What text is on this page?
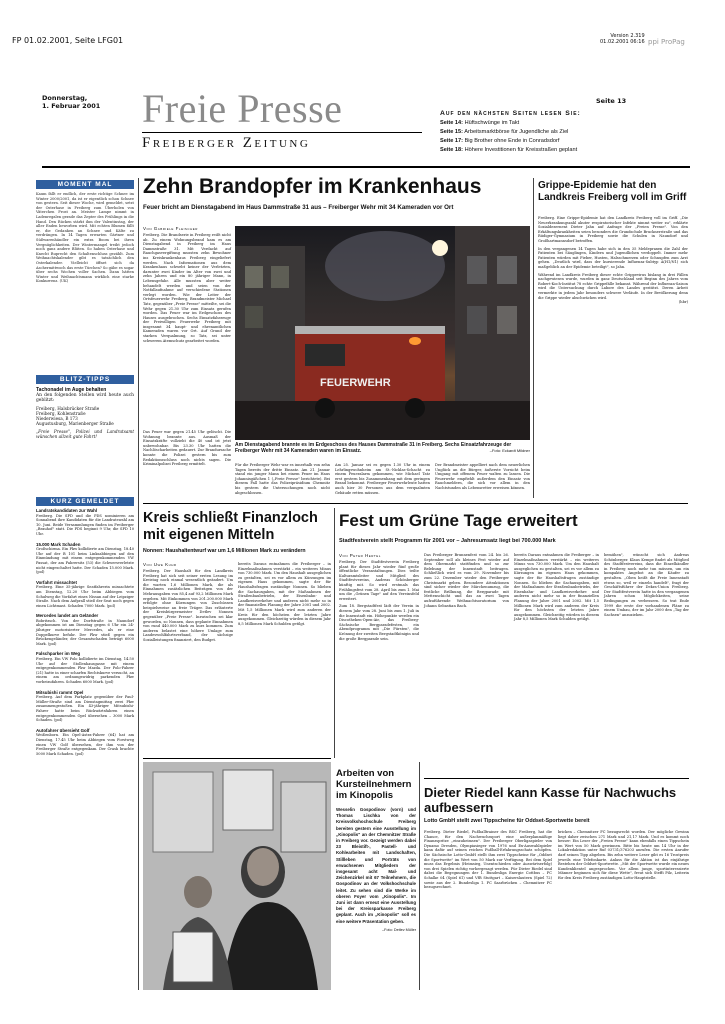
FP 01.02.2001, Seite LFG01	Version 2.319
01.02.2001 06:16 ppi ProPag
Donnerstag,
1. Februar 2001 Freie Presse
Freiberger Zeitung
Seite 13
Auf den nächsten Seiten lesen Sie:
Seite 14: Hüftschwünge im Takt
Seite 15: Arbeitsmarktbörse für Jugendliche als Ziel
Seite 17: Big Brother ohne Ende in Conradsdorf
Seite 18: Höhere Investitionen für Kreisstraßen geplant
MOMENT MAL
Kaum fällt er endlich, der erste richtige Schnee im Winter 2000/2001, da ist er eigentlich schon Schnee von gestern. Seit dieser Woche, wird gemeldet, setzt der Osterhase in Freiberg zum Überholen von Väterchen Frost an. Meister Lampe nimmt in Ladenregalen gerade das Zepter des Frühlings in die Hand. Den Rücken stärkt ihm der Valentinstag, der aller Enden beworben wird. Mit echten Blumen fällt er, die Gedanken an Schnee und Kälte zu verdrängen. In 14 Tagen erwarten Gärtner und Süßwarenhändler ein extra Boom bei ihren Vergnüglichkeiten. Der Wintermangel treibt jedoch noch ganz andere Blüten. So haben Osterhase und Knecht Ruprecht den Schaltenschluss gezählt. Zum Weihnachtskalender gibt es tatsächlich den Osterkalender. Vielleicht öffnet sich da Aschermittwoch das erste Türchen? So gäbe es sogar über sechs Wochen voller Sachen. Dann hätten Winter und Weihnachtsmann wirklich eine starke Konkurrenz. (UK)
BLITZ-TIPPS
Tachonadel im Auge behalten
An den folgenden Stellen wird heute auch geblitzt:
Freiberg, Halsbrücker Straße
Freiberg, Kohlenstraße
Niederwiesa, B 173
Augustusburg, Marienberger Straße
„Freie Presse", Polizei und Landratsamt wünschen allzeit gute Fahrt!
KURZ GEMELDET

Landratskandidaten zur Wahl

Freiberg. Die SPD und die PDS nominieren am Sonnabend ihre Kandidaten für die Landratswahl am 10. Juni. Beide Versammlungen finden im Freiberger „Brauhof" statt. Die PDS beginnt 9 Uhr, die SPD 10 Uhr.

15.000 Mark Schaden

Großschirma. Ein Pkw kollidierte am Dienstag, 18.40 Uhr auf der B 101 beim Linksabbiegen auf den Einmündung mit einem entgegenkommenden VW Passat, der am Fahrersitz (53) die Schwersverletzte nicht eingeschaltet hatte. Der Schaden 15.000 Mark. (pol)

Vorfahrt missachtet

Freiberg. Eine 35-jährige Seatfahrerin missachtete am Dienstag, 12.20 Uhr beim Abbiegen vom Schulweg die Vorfahrt eines Nissan auf der Leipziger Straße. Nach dem Aufprall stieß der Seat noch gegen einen Lichtmast. Schaden 7000 Mark. (pol)

Mercedes landet am Geländer

Bobritzsch. Von der Dorfstraße in Naundorf abgekommen ist am Dienstag gegen 6 Uhr ein 24-jähriger motorisierter Mercedes, als er eine Doppelkurve befuhr. Der Pkw stieß gegen ein Brückengeländer, der Gesamtschaden beträgt 6000 Mark. (pol)

Falschparker im Weg

Freiberg. Ein VW Polo kollidierte im Dienstag, 14.50 Uhr auf der Stollenhausgasse mit einem entgegenkommenden Pkw Mazda. Der Polo-Fahrer (21) hatte in einer scharfen Rechtskurve versucht, an einem am ordnungswidrig parkenden Pkw vorbeizufahren. Schaden 6000 Mark. (pol)

Mitsubishi rammt Opel

Freiberg. Auf dem Parkplatz gegenüber der Paul-Müller-Straße sind am Dienstagmittag zwei Pkw zusammengestoßen. Ein 43-jähriger Mitsubishi-Fahrer hatte beim Rückwärtsfahren einen entgegenkommenden Opel übersehen – 3000 Mark Schaden. (pol)

Autofahrer übersieht Golf

Weißenborn. Ein Opel-Astra-Fahrer (64) hat am Dienstag, 17.45 Uhr beim Abbiegen vom Forstweg einen VW Golf übersehen, der ihm von der Freiberger Straße entgegenkam. Der Crash brachte 5000 Mark Schaden. (pol)

Zehn Brandopfer im Krankenhaus
Feuer bricht am Dienstagabend im Haus Dammstraße 31 aus – Freiberger Wehr mit 34 Kameraden vor Ort
Von Gabriele Fleischer
Freiberg. Die Brandserie in Freiberg reißt nicht ab. Zu einem Wohnungsbrand kam es am Dienstagabend in Freiberg im Haus Dammstraße 31. Mit Verdacht auf Rauchgasvergiftung mussten zehn Bewohner ins Kreiskrankenhaus Freiberg eingeliefert werden. Nach Informationen aus dem Krankenhaus schwebt keiner der Verletzten, darunter zwei Kinder im Alter von zwei und zehn Jahren und ein 80 jähriger Mann, in Lebensgefahr. Alle mussten aber weiter behandelt werden und seien von der Notfallaufnahme auf verschiedene Stationen verlegt worden. Wie der Leiter der Ortsfeuerwehr Freiberg, Brandmeister Michael Tatz, gegenüber „Freie Presse" mitteilte, sei die Wehr gegen 21.30 Uhr zum Einsatz gerufen worden. Das Feuer war im Erdgeschoss des Hauses ausgebrochen. Sechs Einsatzfahrzeuge der Freiwilligen Feuerwehr Freiberg mit insgesamt 34 haupt- und ehrenamtlichen Kameraden waren vor Ort. Auf Grund der starken Verqualmung, so Tatz, sei unter schwerem Atemschutz gearbeitet worden.
Das Feuer war gegen 21.45 Uhr gelöscht. Die Wohnung brannte aus. Ausmaß der Einsatzkräfte vollzieht die 40 und ist jetzt unbewohnbar. Bis 23.30 Uhr hatten die Nachlöscharbeiten gedauert. Zur Brandursache konnte die Polizei gestern bis zum Redaktionsschluss noch nichts sagen. Die Kriminalpolizei Freiberg ermittelt.
FEUERWEHR
Am Dienstagabend brannte es im Erdgeschoss des Hauses Dammstraße 31 in Freiberg. Sechs Einsatzfahrzeuge der Freiberger Wehr mit 34 Kameraden waren im Einsatz.	–Foto: Eckardt Mildner
Für die Freiberger Wehr war es innerhalb von zehn Tagen bereits der dritte Einsatz. Am 21. Januar stand ein junger Mann bei einem Feuer im Haus Johannisgäßchen 1 („Freie Presse" berichtete). Bei diesem Fall hatte das Polizeipräsidium Chemnitz bis gestern die Untersuchungen noch nicht abgeschlossen.
Am 25. Januar sei es gegen 1.30 Uhr in einem Lehrlingswohnheim am St.-Nicklas-Schacht zu einem Feueralarm gekommen, wie Michael Tatz erst gestern bis Zusammenhang mit dem geringen Brand bekommt. Freiberger Feuerwehrleute hatten auch hier 30 Personen aus dem verqualmten Gebäude retten müssen.
Der Brandmeister appelliert nach dem neuerlichen Unglück an die Bürger, äußerste Vorsicht beim Umgang mit offenem Feuer walten zu lassen. Die Feuerwehr empfiehlt außerdem den Einsatz von Rauchmeldern, die sich vor allem in den Nachtstunden als Lebensretter erweisen können.
Grippe-Epidemie hat den Landkreis Freiberg voll im Griff
Freiberg. Eine Grippe-Epidemie hat den Landkreis Freiberg voll im Griff. „Die Neuerkrankungszahl akuter respiratorischer Infekte nimmt weiter zu", erklärte Sozialdezernent Dieter Jahn auf Anfrage der „Freien Presse". Von den Erkältungskrankheiten seien besonders die Grundschule Brucknerstraße und das Rüdiger-Gymnasium in Freiberg sowie die Schulen in Naundorf und Großhartmannsdorf betroffen.
In den vergangenen 14 Tagen habe sich in den 35 Meldepraxen die Zahl der Patienten bei Säuglingen, Kindern und Jugendlichen verdoppelt. Immer mehr Patienten würden mit Fieber, Husten, Halsschmerzen oder Schnupfen zum Arzt gehen. „Deutlich wird, dass der kursierende Influenza-Subtyp A(H1/N1) sich maßgeblich an der Epidemie beteiligt", so Jahn.
Während im Landkreis Freiberg dieser echte Grippevirus bislang in drei Fällen nachgewiesen wurde, wurden in ganz Deutschland seit Beginn des Jahres vom Robert-Koch-Institut 78 echte Grippefälle bekannt. Während der Influenza-Saison wird die Untersuchung durch Labore des Landes gestützt. Deren Arbeit vermerkte in jedem Jahr besonders schwere Verläufe. In der Bevölkerung denn die Grippe wieder abschwächen wird.
(hbr)
Kreis schließt Finanzloch mit eigenen Mitteln
Nonnen: Haushaltentwurf war um 1,6 Millionen Mark zu verändern
Von Uwe Kuhr
Freiberg. Der Haushalt für den Landkreis Freiberg hat sich seit seiner ersten Lesung im Kreistag noch einmal wesentlich geändert. Um die warten 1,6 Millionen Mark, die als Einnahmen zusätzlichen Beiträgen von der Mehrausgaben von 85,4 auf 93,2 Millionen Mark ergeben. Mit Einkommen von 201.200.000 Mark erfolgte ohne Kürzungen von Zuschüssen beispielsweise an freie Träger. Das erläuterte der Kreisbürgermeister Detlev Nonnen gegenüber „Freie Presse". Inzwischen sei klar geworden, so Nonnen, dass geplante Einnahmen von rund 440.000 Mark zu kurz kommen. Zum anderen belastet eine höhere Umlage zum Landeswohlfahrtsverband, der sächsige Sozialleistungen finanziert, den Budget.
bereits Daraus entnahmen die Freiberger – in Einzelmaßnahmen verstärkt – ein weiteres Minus von 730.000 Mark. Um den Haushalt ausgeglichen zu gestalten, sei es vor allem zu Kürzungen im eigenen Haus gekommen, sagte der für Haushaltsfragen zuständige Nonnen. So blieben die Sachausgaben, mit der Maßnahmen der Straßenbaubetriebs, der Eisenbahn- und Landkreisverkehre und anderen nicht mehr so in der finanziellen Planung der Jahre 2001 und 2002. Mit 1,5 Millionen Mark wird zum anderen der Kreis für den höchsten der letzten Jahre ausgekommen. Gleichzeitig würden in diesem Jahr 8,5 Millionen Mark Schulden getilgt.
Fest um Grüne Tage erweitert
Stadtfestverein stellt Programm für 2001 vor – Jahresumsatz liegt bei 700.000 Mark
Von Peter Hertel
Freiberg. Der Stadtfestverein Freiberg plant für dieses Jahr wieder fünf große öffentliche Veranstaltungen. Dies teilte Kulturamtsleiter und Mitglied des Stadtfestvereins, Andreas Schönberger künftig mit. So wird erstmals das Frühlingsfest vom 28. April bis zum 1. Mai um die „Grünen Tage" auf den Vereinsfeld erweitert.
Zum 18. Bergstadtfest lädt der Verein in diesem Jahr vom 28. Juni bis zum 1. Juli in die Innenstadt ein. Höhepunkte werden ein Discotheken-Open-Air, das Freiberg-Sächsische Bergparadefesten, ein Abendprogramm mit „Die Fürsten", die Krönung der zweiten Bergstadtkönigin und die große Bergparade sein.
Das Freiberger Brunnenfest vom 24. bis 26. September soll als kleines Fest wieder auf dem Obermarkt stattfinden und so zur Belebung der Innenstadt beitragen. Schließlich wird es vom 29. November bis zum 22. Dezember wieder den Freiberger Christmarkt geben. Besondere Attraktionen sind sicher wieder der Märchenumzug, die festliche Brillnung, die Bergparade mit Mettenschicht und das an zwei Tagen aufzuführende Weihnachtsoratorium von Johann Sebastian Bach.
bereits Daraus entnahmen die Freiberger – in Einzelmaßnahmen verstärkt – ein weiteres Minus von 730.000 Mark. Um den Haushalt ausgeglichen zu gestalten, sei es vor allem zu Kürzungen im eigenen Haus gekommen, sagte der für Haushaltsfragen zuständige Nonnen. So blieben die Sachausgaben, mit der Maßnahmen der Straßenbaubetriebs, der Eisenbahn- und Landkreisverkehre und anderen nicht mehr so in der finanziellen Planung der Jahre 2001 und 2002. Mit 1,5 Millionen Mark wird zum anderen der Kreis für den höchsten der letzten Jahre ausgekommen. Gleichzeitig würden in diesem Jahr 8,5 Millionen Mark Schulden getilgt.
bemühen", wünscht sich Andreas Schönberger. Klaus Kempe findet als Mitglied des Stadtfestvereins, dass die Einzelhändler in Freiberg noch mehr tun müssen, um ein kompaktes Angebot an die Käufer zu gestalten. „Oben heißt die Freie Innenstadt etwas so, weil er einzeln handelt", fragt der Geschäftsführer der Dekra-Union Freiberg. Der Stadtfestverein hatte in den vergangenen Jahren schon Möglichkeiten, seine Bedingungen zu verbessern. So trat Ende 1999 die erste der vorhandenen Pläne zu einem Umbau, der im Jahr 2000 den „Tag der Sachsen" anzuziehen.
Arbeiten von Kursteilnehmern im Kinopolis
Wesselin Gospodinov (vorn) und Thomas Lischka von der Kreisvolkshochschule Freiberg bereiten gestern eine Ausstellung im „Kinopolis" an der Chemnitzer Straße in Freiberg vor. Gezeigt werden dabei 23 Bleistift-, Pastell- und Kohlearbeiten mit Landschaften, Stillleben und Porträts von erwachsenen Mitgliedern der insgesamt acht Mal- und Zeichenzirkel mit 67 Teilnehmern, die Gospodinov an der Volkshochschule leitet. Zu sehen sind die Werke im oberen Foyer vom „Kinopolis". Im Juni ist dann erneut eine Ausstellung bei der Kreissparkasse Freiberg geplant. Auch im „Kinopolis" soll es eine weitere Präsentation geben.
–Foto: Detlev Müller
Dieter Riedel kann Kasse für Nachwuchs aufbessern
Lotto GmbH stellt zwei Tippscheine für Oddset-Sportwette bereit
Freiberg. Dieter Riedel, Fußballtrainer des BSC Freiberg, hat die Chance, für den Nachwuchssport eine außerplanmäßige Finanzspritze „einzuheimsen". Der Freiberger Oberligaspieler von Dynamo Dresden, Olympiasieger von 1976 und Ex-Auswahlspieler kann dafür auf seinen reichen Fußball-Erfahrungsschatz schöpfen. Die Sächsische Lotto-GmbH stellt ihm zwei Tippscheine für „Oddset die Sportwette" im Wert von 50 Mark zur Verfügung. Bei dem Spiel muss das Ergebnis (Heimsieg, Unentschieden oder Auswärtserfolg) von drei Spielen richtig vorhergesagt werden. Für Dieter Riedel sind dabei die Begegnungen der 1. Bundesliga Energie Cottbus – FC Schalke 04 (Spiel 61) und VfB Stuttgart – Kaiserslautern (Spiel 72) sowie aus der 2. Bundesliga 1. FC Saarbrücken – Chemnitzer FC bezugsrechnet.
bricken – Chemnitzer FC bezugsrecht worden. Der mögliche Gewinn liegt daher zwischen 271 Mark und 21,17 Mark. Und es kommt noch besser: Ein Leser der „Freien Presse" kann ebenfalls einen Tippschein im Wert von 50 Mark gewinnen. Bitte bis heute um 14 Uhr in der Lokalredaktion unter Ruf 03731/376203 anrufen. Die ersten Anrufer darf seinen Tipp abgeben. Bis zehn weitere Leser gibt es 16 Trostpreis jeweils eine Telefonkarte. Anlass für die Aktion ist das einjährige Bestehen der Oddset-Sportwette. „Mit der Sportwette wurde ein neues Kundenklientel angesprochen. Vor allem junge, sportinteressierte Männer beginnen sich für diese Wette", freut sich Steffi Pilz, Leiterin für den Kreis Freiberg zuständigen Lotto-Hauptstelle.
